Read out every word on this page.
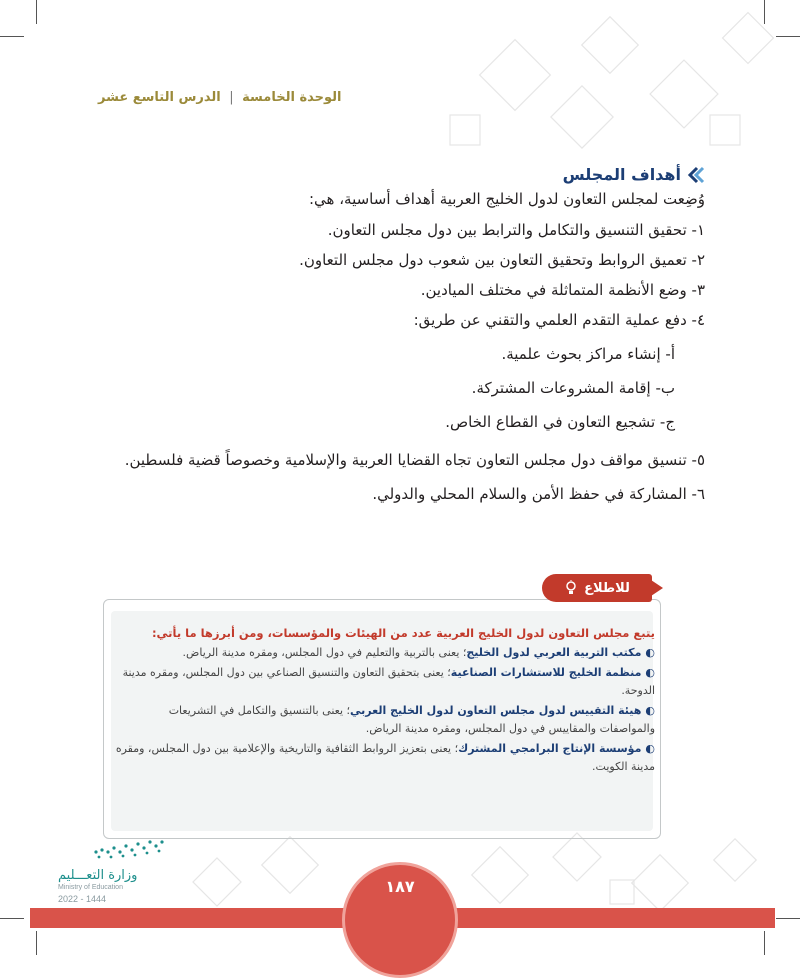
الوحدة الخامسة | الدرس التاسع عشر
أهداف المجلس
وُضِعت لمجلس التعاون لدول الخليج العربية أهداف أساسية، هي:
١- تحقيق التنسيق والتكامل والترابط بين دول مجلس التعاون.
٢- تعميق الروابط وتحقيق التعاون بين شعوب دول مجلس التعاون.
٣- وضع الأنظمة المتماثلة في مختلف الميادين.
٤- دفع عملية التقدم العلمي والتقني عن طريق:
أ- إنشاء مراكز بحوث علمية.
ب- إقامة المشروعات المشتركة.
ج- تشجيع التعاون في القطاع الخاص.
٥- تنسيق مواقف دول مجلس التعاون تجاه القضايا العربية والإسلامية وخصوصاً قضية فلسطين.
٦- المشاركة في حفظ الأمن والسلام المحلي والدولي.
للاطلاع
يتبع مجلس التعاون لدول الخليج العربية عدد من الهيئات والمؤسسات، ومن أبرزها ما يأتي:
◐مكتب التربية العربي لدول الخليج؛ يعنى بالتربية والتعليم في دول المجلس، ومقره مدينة الرياض.
◐منظمة الخليج للاستشارات الصناعية؛ يعنى بتحقيق التعاون والتنسيق الصناعي بين دول المجلس، ومقره مدينة الدوحة.
◐هيئة التقييس لدول مجلس التعاون لدول الخليج العربي؛ يعنى بالتنسيق والتكامل في التشريعات والمواصفات والمقاييس في دول المجلس، ومقره مدينة الرياض.
◐مؤسسة الإنتاج البرامجي المشترك؛ يعنى بتعزيز الروابط الثقافية والتاريخية والإعلامية بين دول المجلس، ومقره مدينة الكويت.
١٨٧
وزارة التعـــليم
Ministry of Education
2022 - 1444
